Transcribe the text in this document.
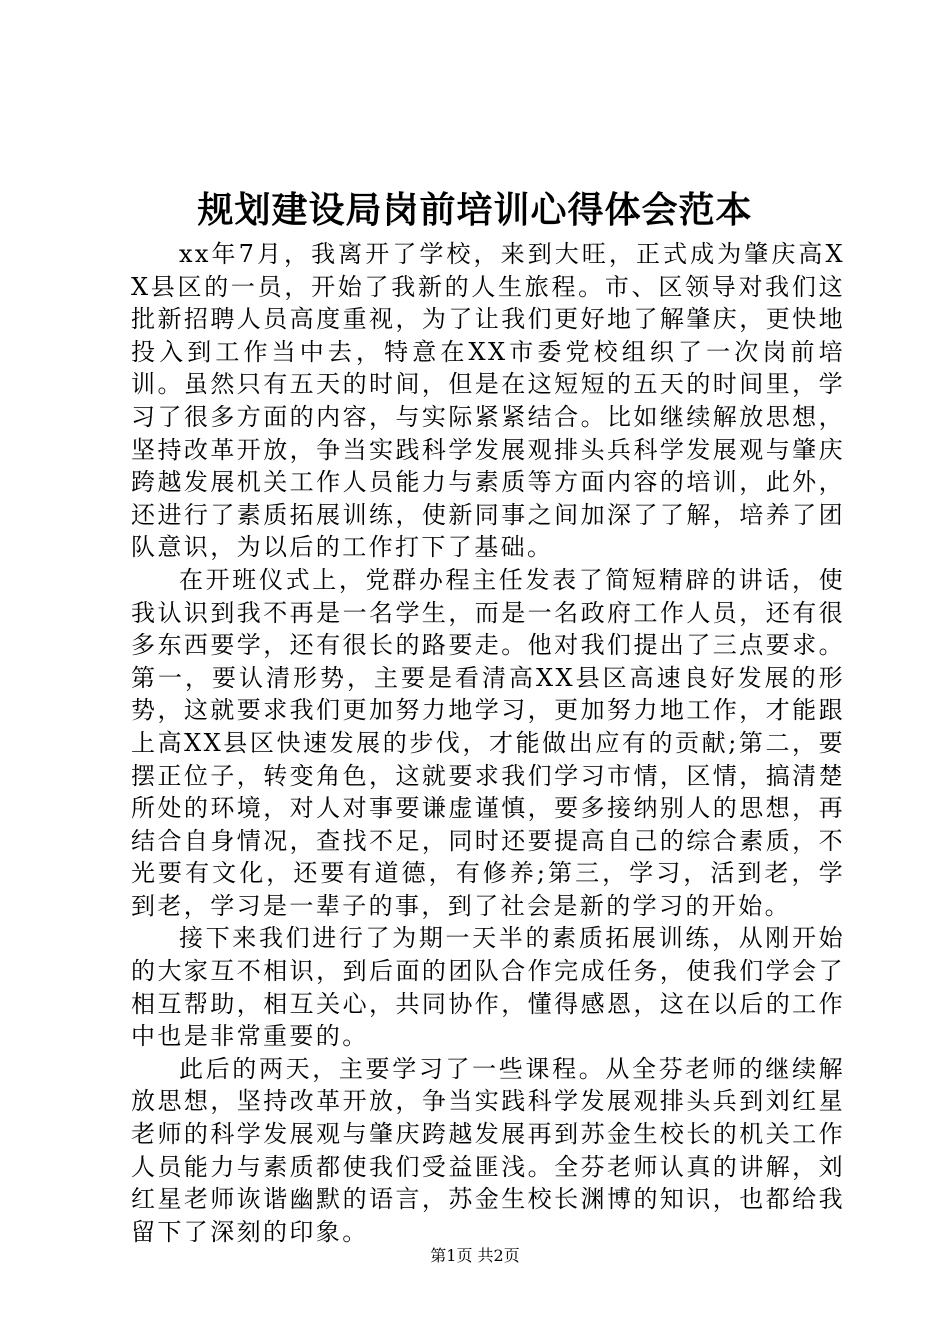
规划建设局岗前培训心得体会范本

xx年7月，我离开了学校，来到大旺，正式成为肇庆高XX县区的一员，开始了我新的人生旅程。市、区领导对我们这批新招聘人员高度重视，为了让我们更好地了解肇庆，更快地投入到工作当中去，特意在XX市委党校组织了一次岗前培训。虽然只有五天的时间，但是在这短短的五天的时间里，学习了很多方面的内容，与实际紧紧结合。比如继续解放思想，坚持改革开放，争当实践科学发展观排头兵科学发展观与肇庆跨越发展机关工作人员能力与素质等方面内容的培训，此外，还进行了素质拓展训练，使新同事之间加深了了解，培养了团队意识，为以后的工作打下了基础。

在开班仪式上，党群办程主任发表了简短精辟的讲话，使我认识到我不再是一名学生，而是一名政府工作人员，还有很多东西要学，还有很长的路要走。他对我们提出了三点要求。第一，要认清形势，主要是看清高XX县区高速良好发展的形势，这就要求我们更加努力地学习，更加努力地工作，才能跟上高XX县区快速发展的步伐，才能做出应有的贡献;第二，要摆正位子，转变角色，这就要求我们学习市情，区情，搞清楚所处的环境，对人对事要谦虚谨慎，要多接纳别人的思想，再结合自身情况，查找不足，同时还要提高自己的综合素质，不光要有文化，还要有道德，有修养;第三，学习，活到老，学到老，学习是一辈子的事，到了社会是新的学习的开始。

接下来我们进行了为期一天半的素质拓展训练，从刚开始的大家互不相识，到后面的团队合作完成任务，使我们学会了相互帮助，相互关心，共同协作，懂得感恩，这在以后的工作中也是非常重要的。

此后的两天，主要学习了一些课程。从全芬老师的继续解放思想，坚持改革开放，争当实践科学发展观排头兵到刘红星老师的科学发展观与肇庆跨越发展再到苏金生校长的机关工作人员能力与素质都使我们受益匪浅。全芬老师认真的讲解，刘红星老师诙谐幽默的语言，苏金生校长渊博的知识，也都给我留下了深刻的印象。

第1页 共2页
